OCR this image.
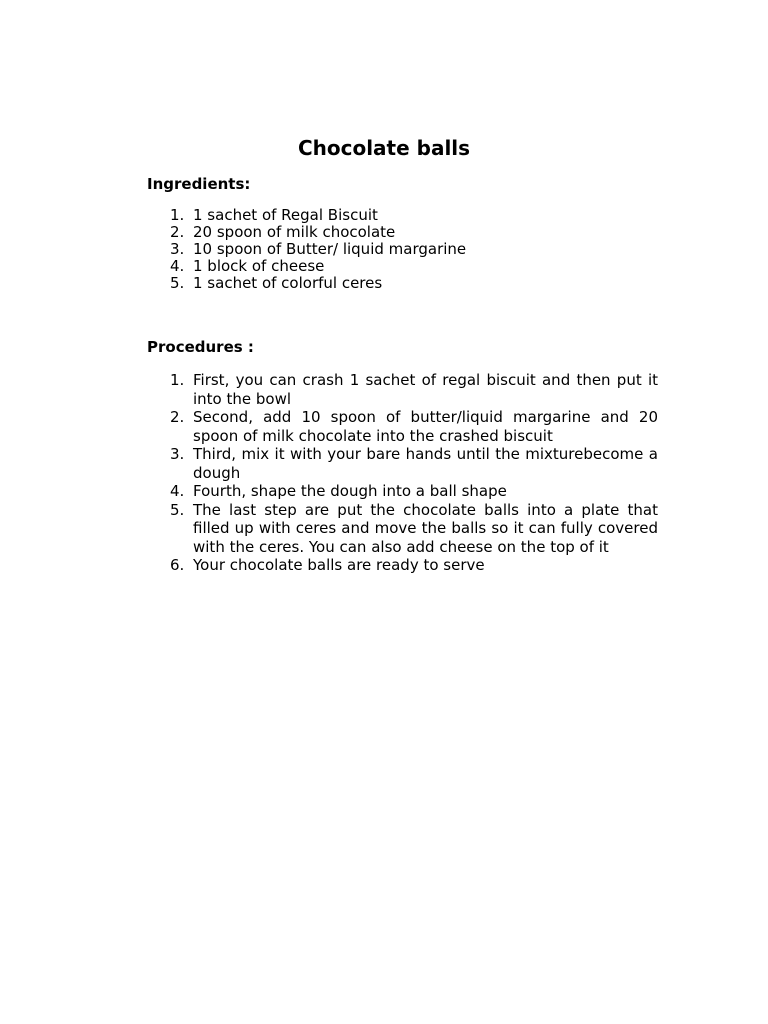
Chocolate balls
Ingredients:
1. 1 sachet of Regal Biscuit
2. 20 spoon of milk chocolate
3. 10 spoon of Butter/ liquid margarine
4. 1 block of cheese
5. 1 sachet of colorful ceres
Procedures :
1. First, you can crash 1 sachet of regal biscuit and then put it into the bowl
2. Second, add 10 spoon of butter/liquid margarine and 20 spoon of milk chocolate into the crashed biscuit
3. Third, mix it with your bare hands until the mixturebecome a dough
4. Fourth, shape the dough into a ball shape
5. The last step are put the chocolate balls into a plate that filled up with ceres and move the balls so it can fully covered with the ceres. You can also add cheese on the top of it
6. Your chocolate balls are ready to serve
